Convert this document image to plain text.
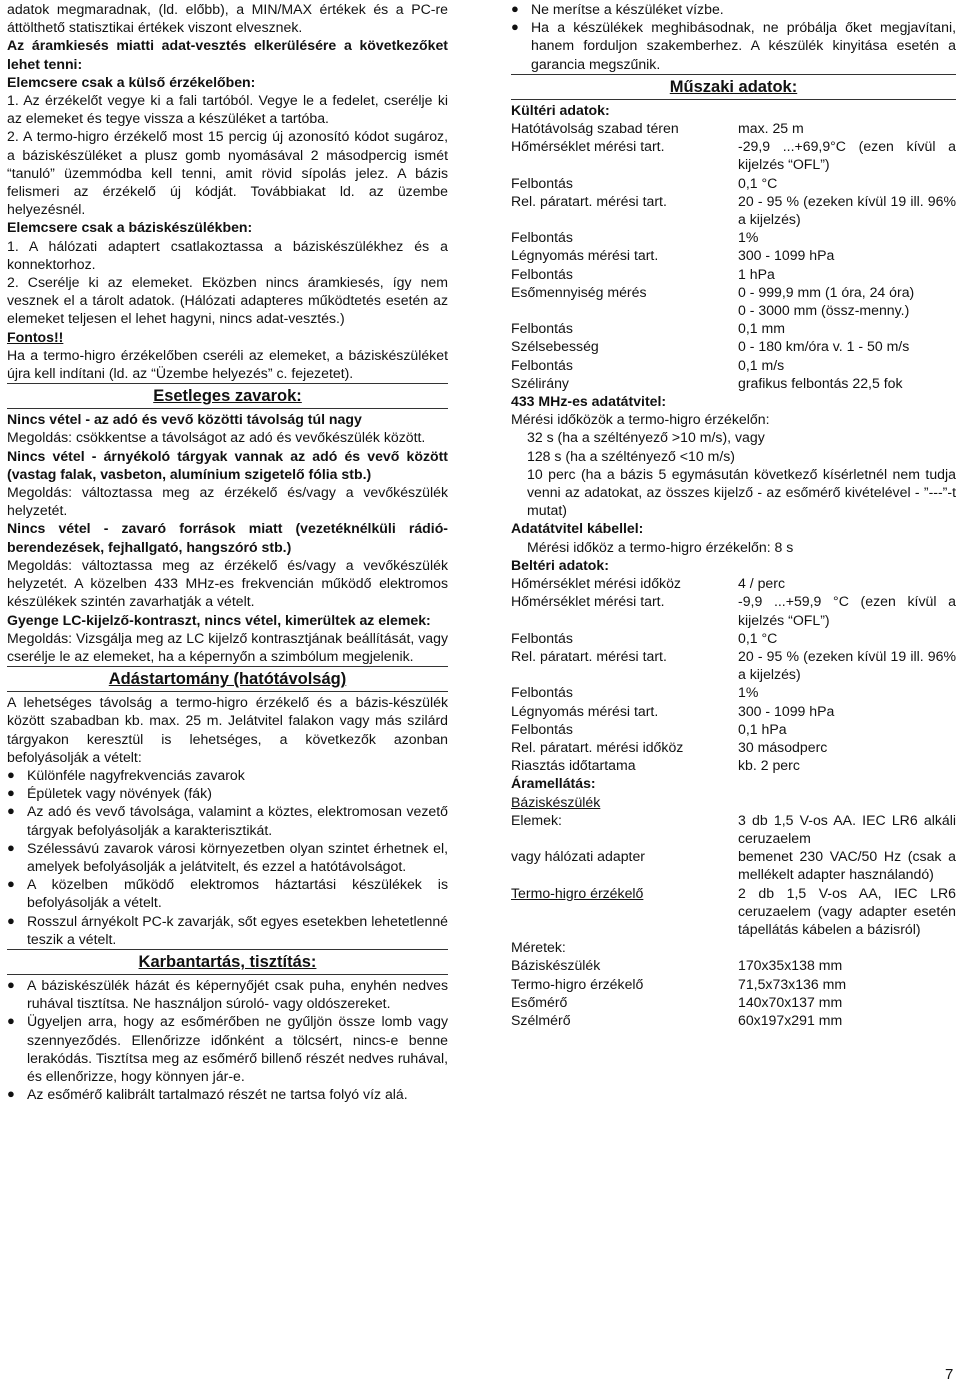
adatok megmaradnak, (ld. előbb), a MIN/MAX értékek és a PC-re áttölthető statisztikai értékek viszont elvesznek.

Az áramkiesés miatti adat-vesztés elkerülésére a következőket lehet tenni:

Elemcsere csak a külső érzékelőben:

1. Az érzékelőt vegye ki a fali tartóból. Vegye le a fedelet, cserélje ki az elemeket és tegye vissza a készüléket a tartóba.

2. A termo-higro érzékelő most 15 percig új azonosító kódot sugároz, a báziskészüléket a plusz gomb nyomásával 2 másodpercig ismét “tanuló” üzemmódba kell tenni, amit rövid sípolás jelez. A bázis felismeri az érzékelő új kódját. Továbbiakat ld. az üzembe helyezésnél.

Elemcsere csak a báziskészülékben:

1. A hálózati adaptert csatlakoztassa a báziskészülékhez és a konnektorhoz.

2. Cserélje ki az elemeket. Eközben nincs áramkiesés, így nem vesznek el a tárolt adatok. (Hálózati adapteres működtetés esetén az elemeket teljesen el lehet hagyni, nincs adat-vesztés.)

Fontos!!

Ha a termo-higro érzékelőben cseréli az elemeket, a báziskészüléket újra kell indítani (ld. az “Üzembe helyezés” c. fejezetet).

Esetleges zavarok:

Nincs vétel - az adó és vevő közötti távolság túl nagy

Megoldás: csökkentse a távolságot az adó és vevőkészülék között.

Nincs vétel - árnyékoló tárgyak vannak az adó és vevő között (vastag falak, vasbeton, alumínium szigetelő fólia stb.)

Megoldás: változtassa meg az érzékelő és/vagy a vevőkészülék helyzetét.

Nincs vétel - zavaró források miatt (vezetéknélküli rádió-berendezések, fejhallgató, hangszóró stb.)

Megoldás: változtassa meg az érzékelő és/vagy a vevőkészülék helyzetét. A közelben 433 MHz-es frekvencián működő elektromos készülékek szintén zavarhatják a vételt.

Gyenge LC-kijelző-kontraszt, nincs vétel, kimerültek az elemek:

Megoldás: Vizsgálja meg az LC kijelző kontrasztjának beállítását, vagy cserélje le az elemeket, ha a képernyőn a szimbólum megjelenik.

Adástartomány (hatótávolság)

A lehetséges távolság a termo-higro érzékelő és a bázis-készülék között szabadban kb. max. 25 m. Jelátvitel falakon vagy más szilárd tárgyakon keresztül is lehetséges, a következők azonban befolyásolják a vételt:

● Különféle nagyfrekvenciás zavarok
● Épületek vagy növények (fák)
● Az adó és vevő távolsága, valamint a köztes, elektromosan vezető tárgyak befolyásolják a karakterisztikát.
● Szélessávú zavarok városi környezetben olyan szintet érhetnek el, amelyek befolyásolják a jelátvitelt, és ezzel a hatótávolságot.
● A közelben működő elektromos háztartási készülékek is befolyásolják a vételt.
● Rosszul árnyékolt PC-k zavarják, sőt egyes esetekben lehetetlenné teszik a vételt.
Karbantartás, tisztítás:
● A báziskészülék házát és képernyőjét csak puha, enyhén nedves ruhával tisztítsa. Ne használjon súroló- vagy oldószereket.
● Ügyeljen arra, hogy az esőmérőben ne gyűljön össze lomb vagy szennyeződés. Ellenőrizze időnként a tölcsért, nincs-e benne lerakódás. Tisztítsa meg az esőmérő billenő részét nedves ruhával, és ellenőrizze, hogy könnyen jár-e.
● Az esőmérő kalibrált tartalmazó részét ne tartsa folyó víz alá.
● Ne merítse a készüléket vízbe.
● Ha a készülékek meghibásodnak, ne próbálja őket megjavítani, hanem forduljon szakemberhez. A készülék kinyitása esetén a garancia megszűnik.
Műszaki adatok:

Kültéri adatok:

Hatótávolság szabad téren	max. 25 m
Hőmérséklet mérési tart.	-29,9 ...+69,9°C (ezen kívül a kijelzés “OFL”)
Felbontás	0,1 °C
Rel. páratart. mérési tart.	20 - 95 % (ezeken kívül 19 ill. 96% a kijelzés)
Felbontás	1%
Légnyomás mérési tart.	300 - 1099 hPa
Felbontás	1 hPa
Esőmennyiség mérés	0 - 999,9 mm (1 óra, 24 óra)
0 - 3000 mm (össz-menny.)
Felbontás	0,1 mm
Szélsebesség	0 - 180 km/óra v. 1 - 50 m/s
Felbontás	0,1 m/s
Szélirány	grafikus felbontás 22,5 fok

433 MHz-es adatátvitel:

Mérési időközök a termo-higro érzékelőn:

32 s (ha a széltényező >10 m/s), vagy

128 s (ha a széltényező <10 m/s)

10 perc (ha a bázis 5 egymásután következő kísérletnél nem tudja venni az adatokat, az összes kijelző - az esőmérő kivételével - ”---”-t mutat)

Adatátvitel kábellel:

Mérési időköz a termo-higro érzékelőn: 8 s

Beltéri adatok:

Hőmérséklet mérési időköz	4 / perc
Hőmérséklet mérési tart.	-9,9 ...+59,9 °C (ezen kívül a kijelzés “OFL”)
Felbontás	0,1 °C
Rel. páratart. mérési tart.	20 - 95 % (ezeken kívül 19 ill. 96% a kijelzés)
Felbontás	1%
Légnyomás mérési tart.	300 - 1099 hPa
Felbontás	0,1 hPa
Rel. páratart. mérési időköz	30 másodperc
Riasztás időtartama	kb. 2 perc

Áramellátás:

Báziskészülék

Elemek:	3 db 1,5 V-os AA. IEC LR6 alkáli ceruzaelem
vagy hálózati adapter	bemenet 230 VAC/50 Hz (csak a mellékelt adapter használandó)
Termo-higro érzékelő	2 db 1,5 V-os AA, IEC LR6 ceruzaelem (vagy adapter esetén tápellátás kábelen a bázisról)

Méretek:

Báziskészülék	170x35x138 mm
Termo-higro érzékelő	71,5x73x136 mm
Esőmérő	140x70x137 mm
Szélmérő	60x197x291 mm
7
